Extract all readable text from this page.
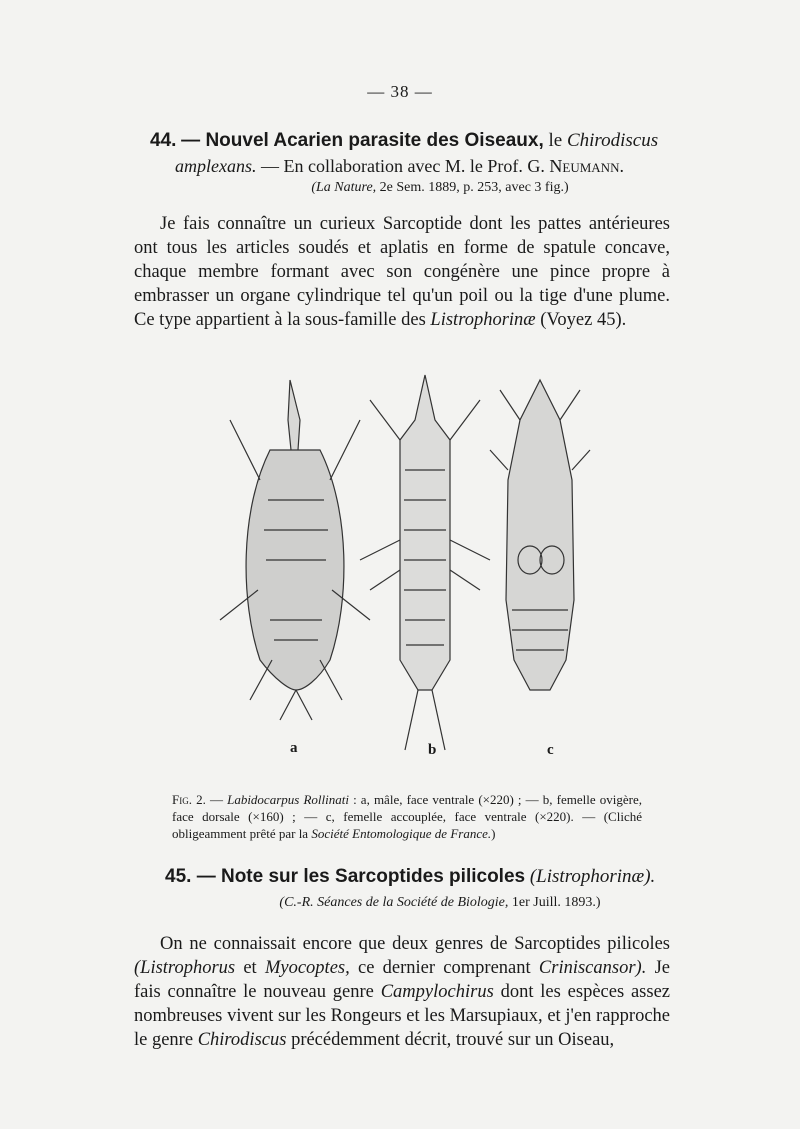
— 38 —
44. — Nouvel Acarien parasite des Oiseaux, le Chirodiscus
amplexans. — En collaboration avec M. le Prof. G. Neumann.
(La Nature, 2e Sem. 1889, p. 253, avec 3 fig.)
Je fais connaître un curieux Sarcoptide dont les pattes antérieures ont tous les articles soudés et aplatis en forme de spatule concave, chaque membre formant avec son congénère une pince propre à embrasser un organe cylindrique tel qu'un poil ou la tige d'une plume. Ce type appartient à la sous-famille des Listrophorinæ (Voyez 45).
a	b	c
Fig. 2. — Labidocarpus Rollinati : a, mâle, face ventrale (×220) ; — b, femelle ovigère, face dorsale (×160) ; — c, femelle accouplée, face ventrale (×220). — (Cliché obligeamment prêté par la Société Entomologique de France.)
45. — Note sur les Sarcoptides pilicoles (Listrophorinæ).
(C.-R. Séances de la Société de Biologie, 1er Juill. 1893.)
On ne connaissait encore que deux genres de Sarcoptides pilicoles (Listrophorus et Myocoptes, ce dernier comprenant Criniscansor). Je fais connaître le nouveau genre Campylochirus dont les espèces assez nombreuses vivent sur les Rongeurs et les Marsupiaux, et j'en rapproche le genre Chirodiscus précédemment décrit, trouvé sur un Oiseau,
